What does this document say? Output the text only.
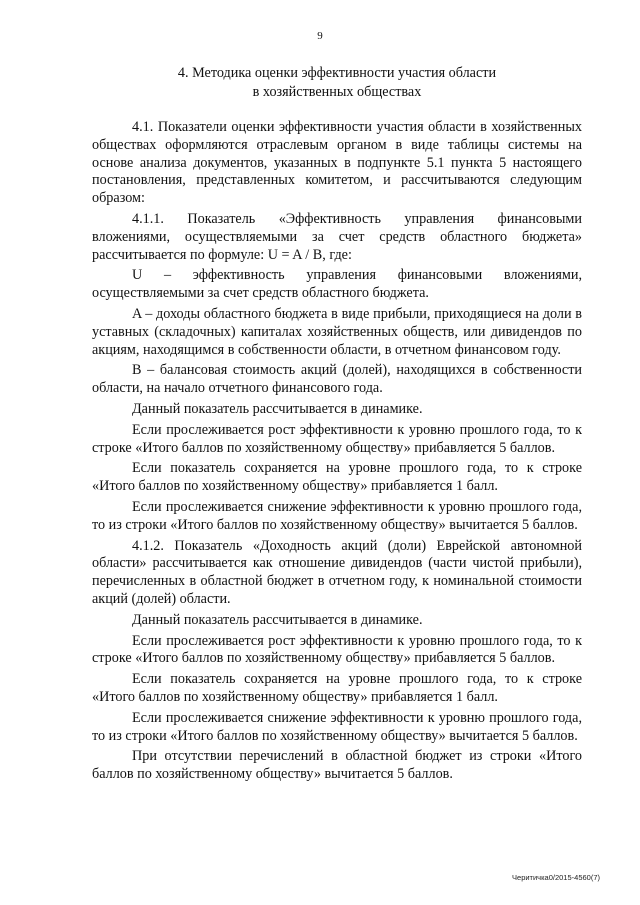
9
4. Методика оценки эффективности участия области
в хозяйственных обществах

4.1. Показатели оценки эффективности участия области в хозяйственных обществах оформляются отраслевым органом в виде таблицы системы на основе анализа документов, указанных в подпункте 5.1 пункта 5 настоящего постановления, представленных комитетом, и рассчитываются следующим образом:

4.1.1. Показатель «Эффективность управления финансовыми вложениями, осуществляемыми за счет средств областного бюджета» рассчитывается по формуле: U = A / B, где:

U – эффективность управления финансовыми вложениями, осуществляемыми за счет средств областного бюджета.

A – доходы областного бюджета в виде прибыли, приходящиеся на доли в уставных (складочных) капиталах хозяйственных обществ, или дивидендов по акциям, находящимся в собственности области, в отчетном финансовом году.

B – балансовая стоимость акций (долей), находящихся в собственности области, на начало отчетного финансового года.

Данный показатель рассчитывается в динамике.

Если прослеживается рост эффективности к уровню прошлого года, то к строке «Итого баллов по хозяйственному обществу» прибавляется 5 баллов.

Если показатель сохраняется на уровне прошлого года, то к строке «Итого баллов по хозяйственному обществу» прибавляется 1 балл.

Если прослеживается снижение эффективности к уровню прошлого года, то из строки «Итого баллов по хозяйственному обществу» вычитается 5 баллов.

4.1.2. Показатель «Доходность акций (доли) Еврейской автономной области» рассчитывается как отношение дивидендов (части чистой прибыли), перечисленных в областной бюджет в отчетном году, к номинальной стоимости акций (долей) области.

Данный показатель рассчитывается в динамике.

Если прослеживается рост эффективности к уровню прошлого года, то к строке «Итого баллов по хозяйственному обществу» прибавляется 5 баллов.

Если показатель сохраняется на уровне прошлого года, то к строке «Итого баллов по хозяйственному обществу» прибавляется 1 балл.

Если прослеживается снижение эффективности к уровню прошлого года, то из строки «Итого баллов по хозяйственному обществу» вычитается 5 баллов.

При отсутствии перечислений в областной бюджет из строки «Итого баллов по хозяйственному обществу» вычитается 5 баллов.

Черитичка0/2015-4560(7)
